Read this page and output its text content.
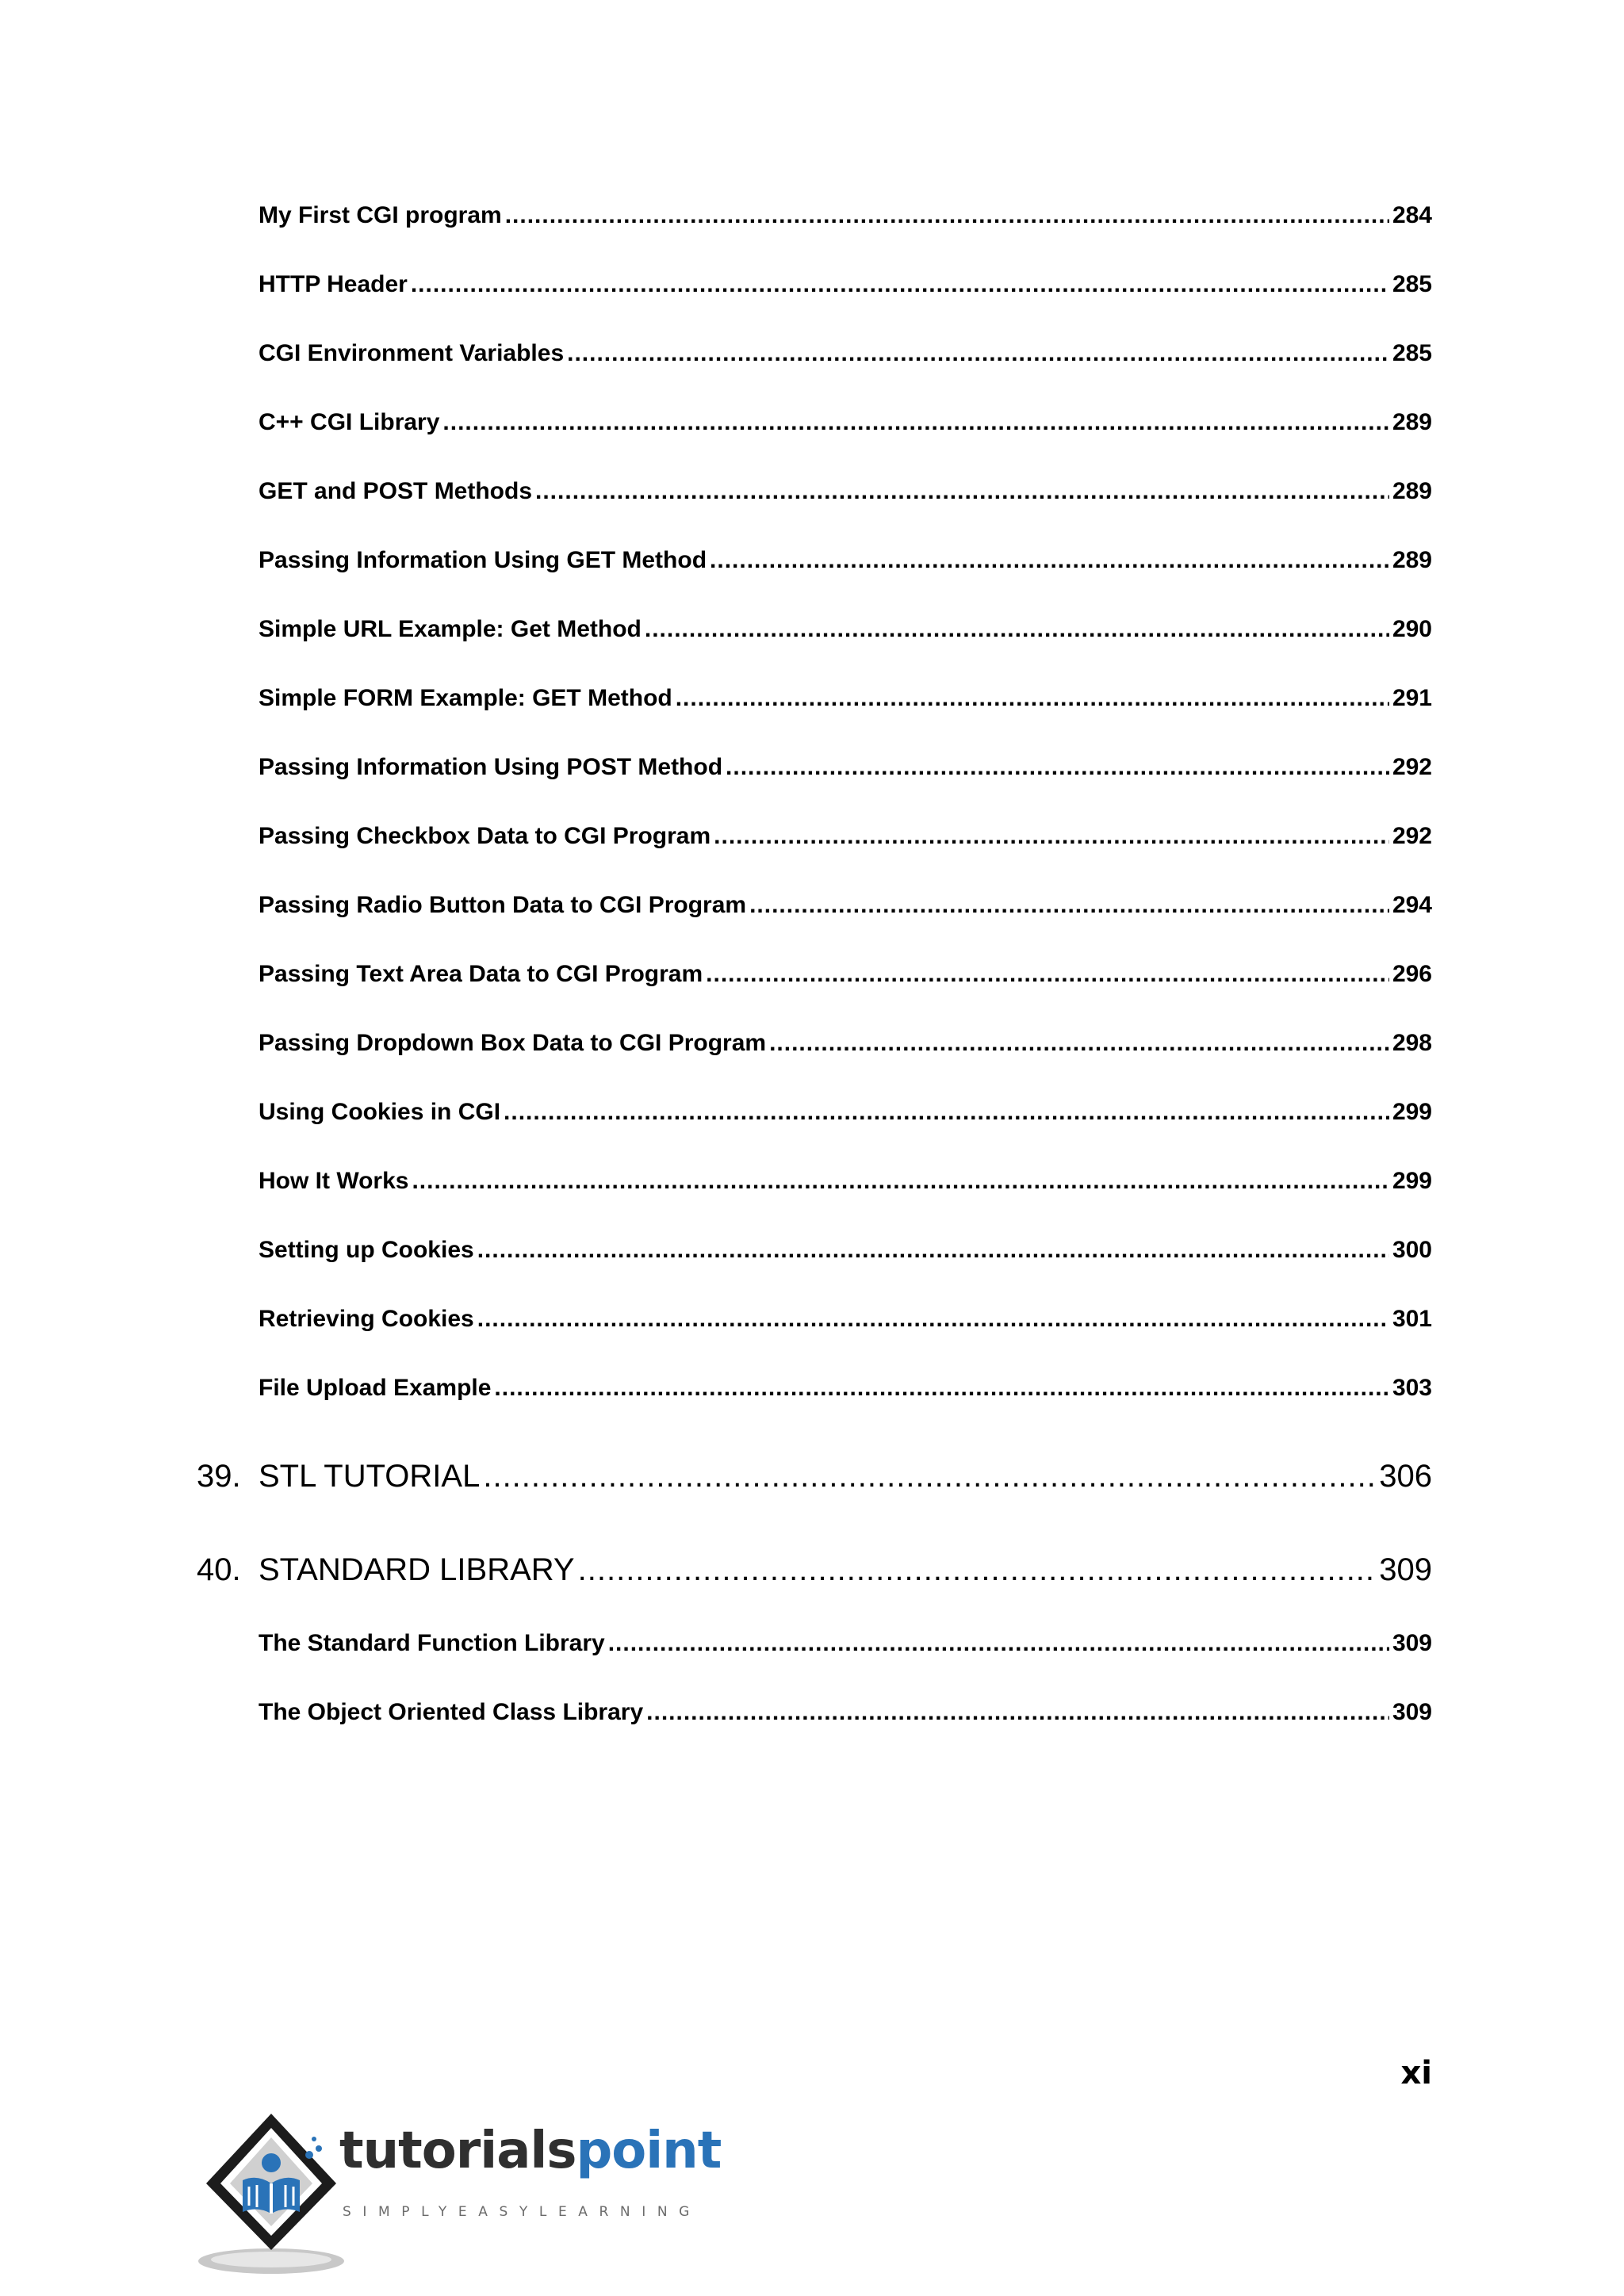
My First CGI program .....	284
HTTP Header .....	285
CGI Environment Variables .....	285
C++ CGI Library .....	289
GET and POST Methods .....	289
Passing Information Using GET Method .....	289
Simple URL Example: Get Method .....	290
Simple FORM Example: GET Method .....	291
Passing Information Using POST Method .....	292
Passing Checkbox Data to CGI Program .....	292
Passing Radio Button Data to CGI Program .....	294
Passing Text Area Data to CGI Program .....	296
Passing Dropdown Box Data to CGI Program .....	298
Using Cookies in CGI .....	299
How It Works .....	299
Setting up Cookies .....	300
Retrieving Cookies .....	301
File Upload Example .....	303
39. STL TUTORIAL .....	306
40. STANDARD LIBRARY .....	309
The Standard Function Library .....	309
The Object Oriented Class Library .....	309
xi
tutorialspoint
SIMPLYEASYLEARNING
